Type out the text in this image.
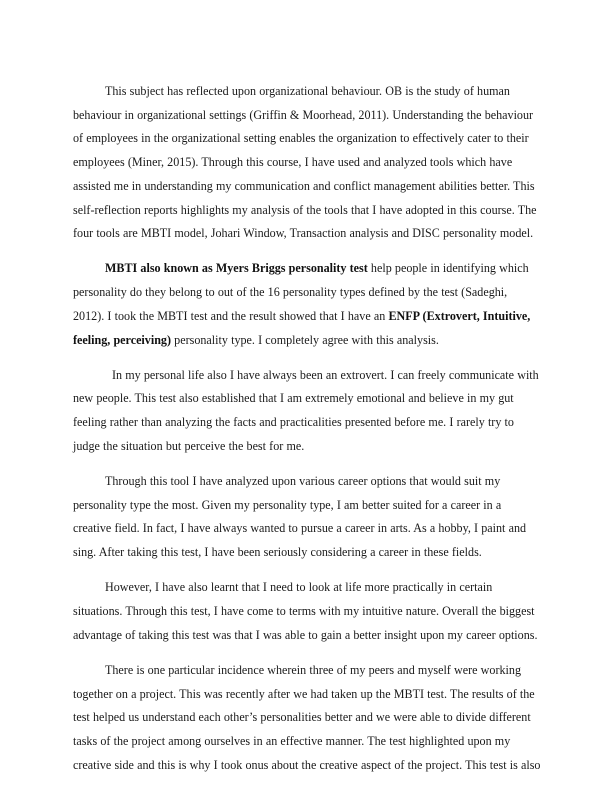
This subject has reflected upon organizational behaviour. OB is the study of human behaviour in organizational settings (Griffin & Moorhead, 2011). Understanding the behaviour of employees in the organizational setting enables the organization to effectively cater to their employees (Miner, 2015). Through this course, I have used and analyzed tools which have assisted me in understanding my communication and conflict management abilities better. This self-reflection reports highlights my analysis of the tools that I have adopted in this course. The four tools are MBTI model, Johari Window, Transaction analysis and DISC personality model.

MBTI also known as Myers Briggs personality test help people in identifying which personality do they belong to out of the 16 personality types defined by the test (Sadeghi, 2012). I took the MBTI test and the result showed that I have an ENFP (Extrovert, Intuitive, feeling, perceiving) personality type. I completely agree with this analysis.

In my personal life also I have always been an extrovert. I can freely communicate with new people. This test also established that I am extremely emotional and believe in my gut feeling rather than analyzing the facts and practicalities presented before me. I rarely try to judge the situation but perceive the best for me.

Through this tool I have analyzed upon various career options that would suit my personality type the most. Given my personality type, I am better suited for a career in a creative field. In fact, I have always wanted to pursue a career in arts. As a hobby, I paint and sing. After taking this test, I have been seriously considering a career in these fields.

However, I have also learnt that I need to look at life more practically in certain situations. Through this test, I have come to terms with my intuitive nature. Overall the biggest advantage of taking this test was that I was able to gain a better insight upon my career options.

There is one particular incidence wherein three of my peers and myself were working together on a project. This was recently after we had taken up the MBTI test. The results of the test helped us understand each other’s personalities better and we were able to divide different tasks of the project among ourselves in an effective manner. The test highlighted upon my creative side and this is why I took onus about the creative aspect of the project. This test is also
